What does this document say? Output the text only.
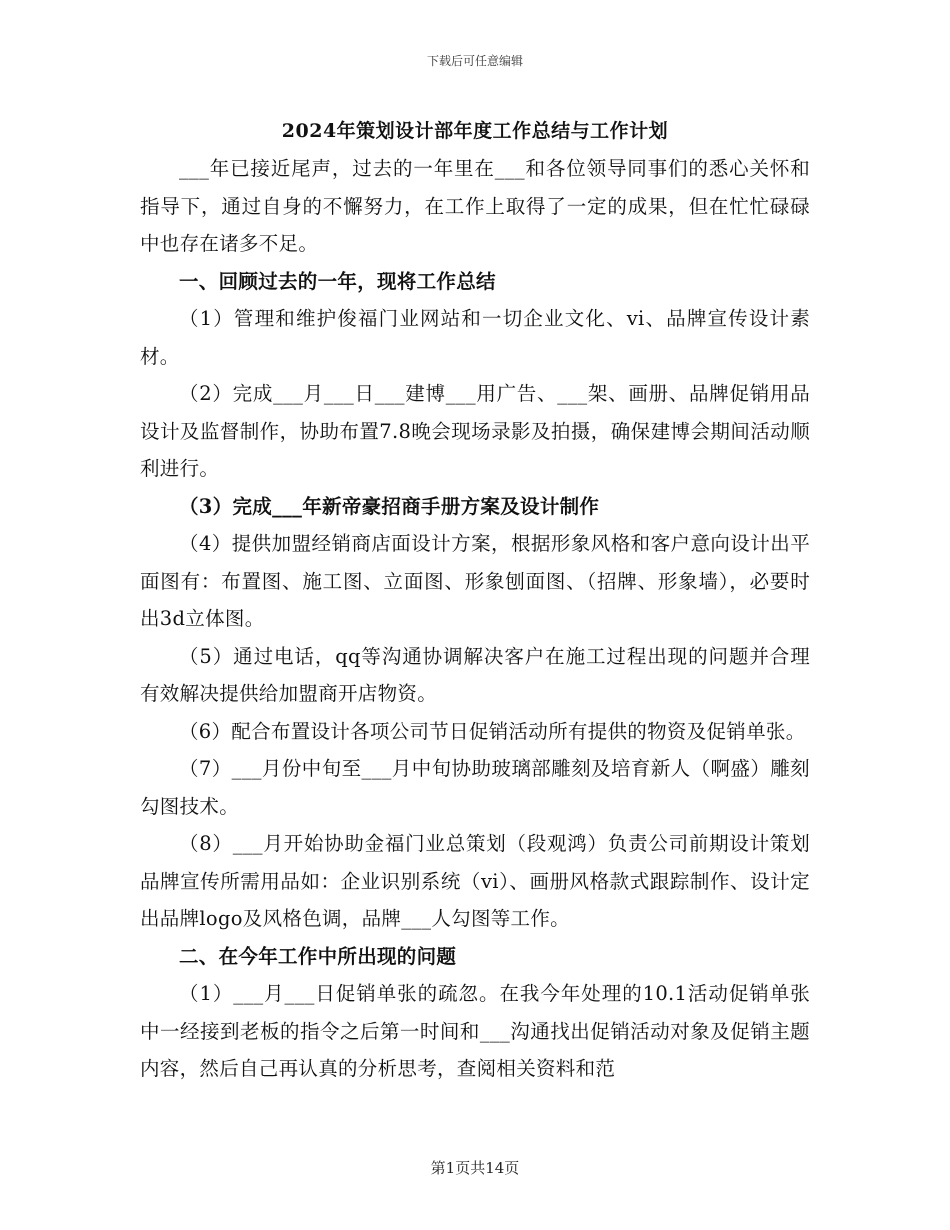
下载后可任意编辑
2024年策划设计部年度工作总结与工作计划

___年已接近尾声，过去的一年里在___和各位领导同事们的悉心关怀和指导下，通过自身的不懈努力，在工作上取得了一定的成果，但在忙忙碌碌中也存在诸多不足。

一、回顾过去的一年，现将工作总结

（1）管理和维护俊福门业网站和一切企业文化、vi、品牌宣传设计素材。

（2）完成___月___日___建博___用广告、___架、画册、品牌促销用品设计及监督制作，协助布置7.8晚会现场录影及拍摄，确保建博会期间活动顺利进行。

（3）完成___年新帝豪招商手册方案及设计制作

（4）提供加盟经销商店面设计方案，根据形象风格和客户意向设计出平面图有：布置图、施工图、立面图、形象刨面图、（招牌、形象墙），必要时出3d立体图。

（5）通过电话，qq等沟通协调解决客户在施工过程出现的问题并合理有效解决提供给加盟商开店物资。

（6）配合布置设计各项公司节日促销活动所有提供的物资及促销单张。

（7）___月份中旬至___月中旬协助玻璃部雕刻及培育新人（啊盛）雕刻勾图技术。

（8）___月开始协助金福门业总策划（段观鸿）负责公司前期设计策划品牌宣传所需用品如：企业识别系统（vi）、画册风格款式跟踪制作、设计定出品牌logo及风格色调，品牌___人勾图等工作。

二、在今年工作中所出现的问题

（1）___月___日促销单张的疏忽。在我今年处理的10.1活动促销单张中一经接到老板的指令之后第一时间和___沟通找出促销活动对象及促销主题内容，然后自己再认真的分析思考，查阅相关资料和范

第1页共14页
